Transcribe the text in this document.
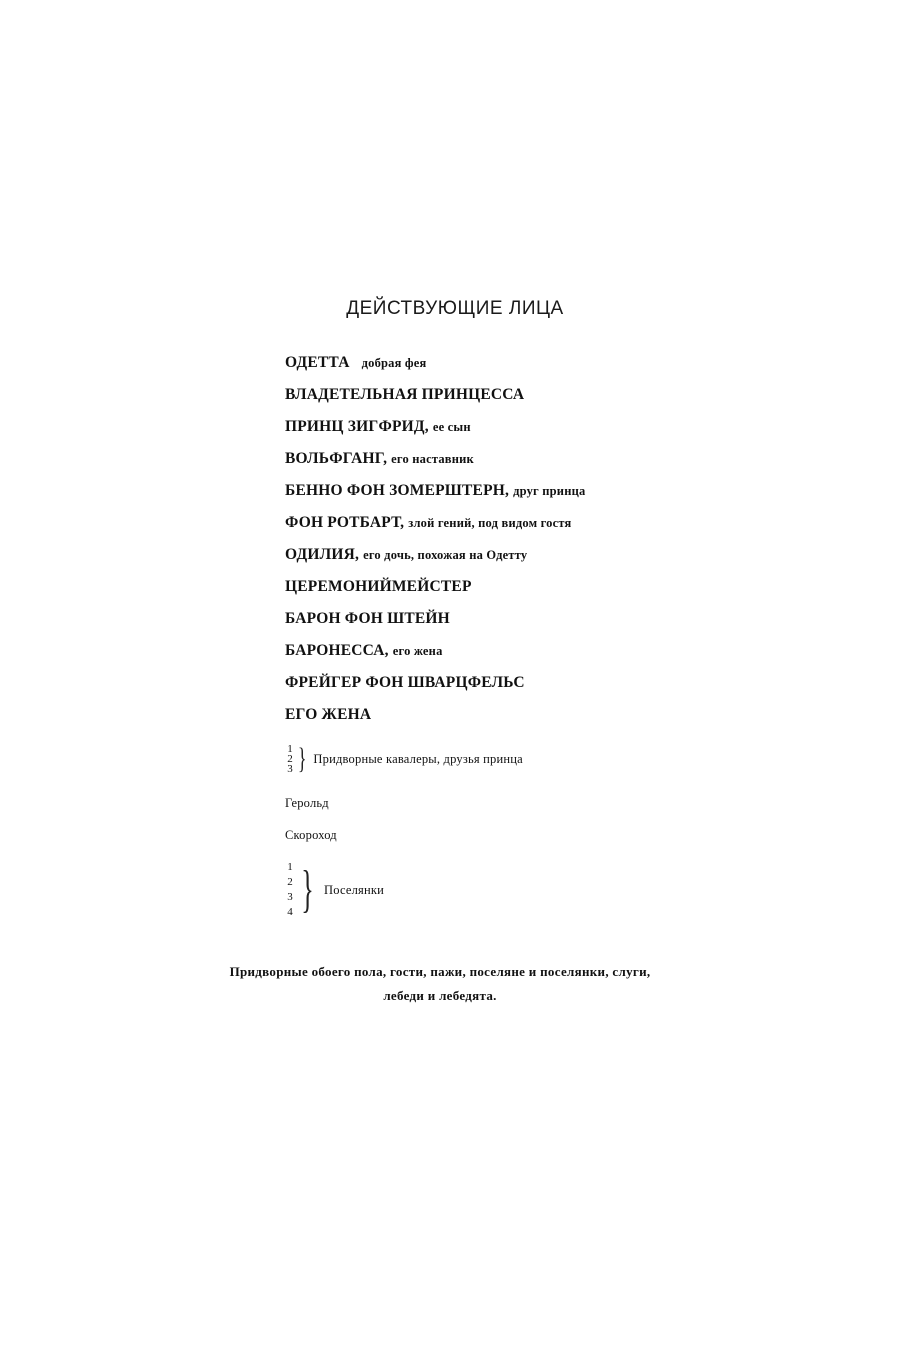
ДЕЙСТВУЮЩИЕ ЛИЦА
ОДЕТТА добрая фея
ВЛАДЕТЕЛЬНАЯ ПРИНЦЕССА
ПРИНЦ ЗИГФРИД, ее сын
ВОЛЬФГАНГ, его наставник
БЕННО ФОН ЗОМЕРШТЕРН, друг принца
ФОН РОТБАРТ, злой гений, под видом гостя
ОДИЛИЯ, его дочь, похожая на Одетту
ЦЕРЕМОНИЙМЕЙСТЕР
БАРОН ФОН ШТЕЙН
БАРОНЕССА, его жена
ФРЕЙГЕР ФОН ШВАРЦФЕЛЬС
ЕГО ЖЕНА
1
2
3 } Придворные кавалеры, друзья принца
Герольд
Скороход
1
2
3
4 } Поселянки
Придворные обоего пола, гости, пажи, поселяне и поселянки, слуги,
лебеди и лебедята.
